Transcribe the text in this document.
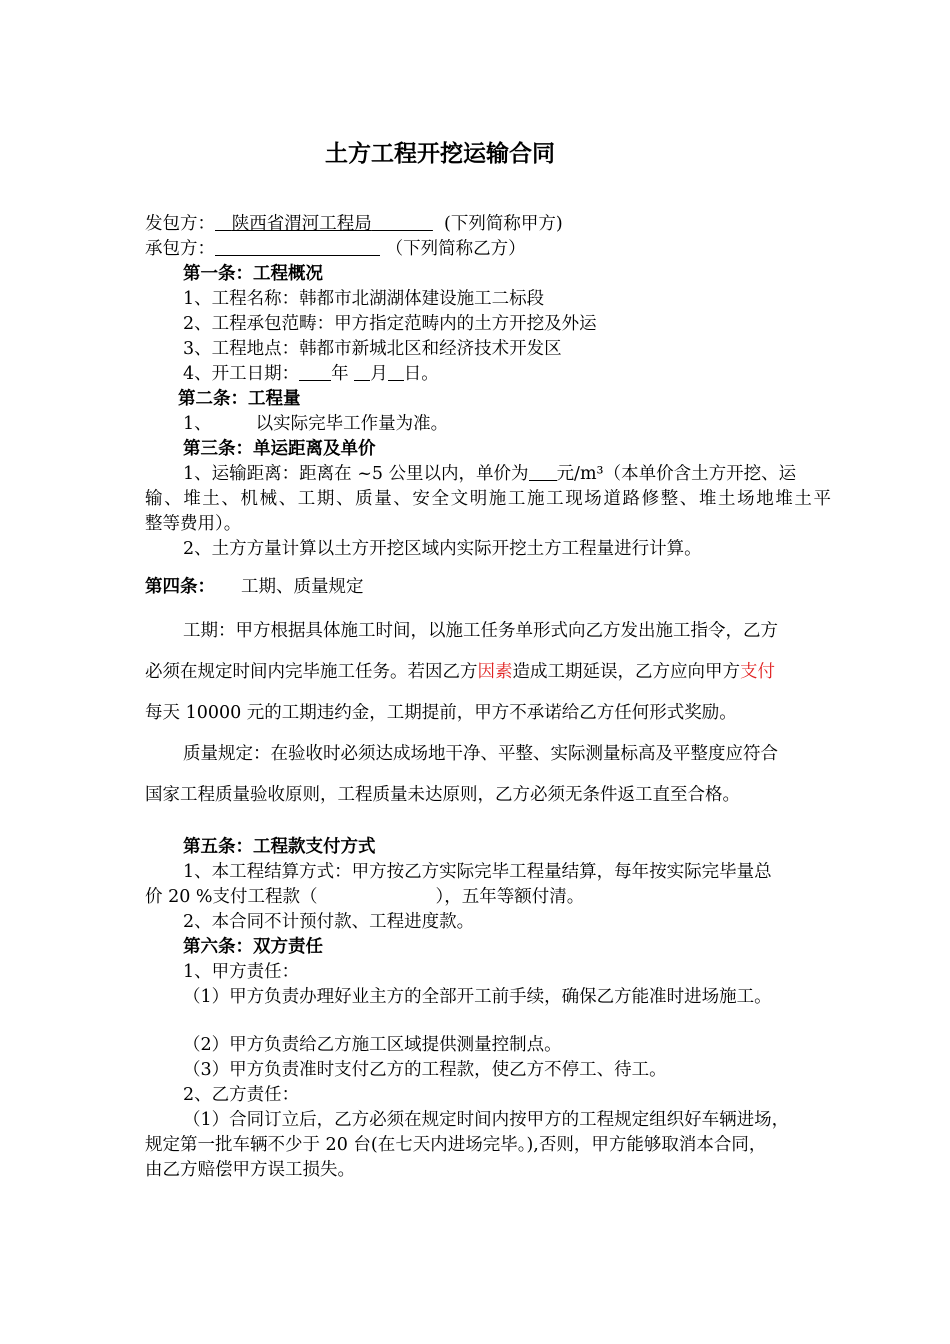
土方工程开挖运输合同
发包方： 陕西省渭河工程局	(下列简称甲方)
承包方：	（下列简称乙方）
第一条：工程概况
1、工程名称：韩都市北湖湖体建设施工二标段
2、工程承包范畴：甲方指定范畴内的土方开挖及外运
3、工程地点：韩都市新城北区和经济技术开发区
4、开工日期： 年 月 日。
第二条：工程量
1、	以实际完毕工作量为准。
第三条：单运距离及单价
1、运输距离：距离在 ~5 公里以内，单价为 元/m³（本单价含土方开挖、运
输、堆土、机械、工期、质量、安全文明施工施工现场道路修整、堆土场地堆土平
整等费用）。
2、土方方量计算以土方开挖区域内实际开挖土方工程量进行计算。
第四条： 工期、质量规定
工期：甲方根据具体施工时间，以施工任务单形式向乙方发出施工指令，乙方
必须在规定时间内完毕施工任务。若因乙方因素造成工期延误，乙方应向甲方支付
每天 10000 元的工期违约金，工期提前，甲方不承诺给乙方任何形式奖励。
质量规定：在验收时必须达成场地干净、平整、实际测量标高及平整度应符合
国家工程质量验收原则，工程质量未达原则，乙方必须无条件返工直至合格。
第五条：工程款支付方式
1、本工程结算方式：甲方按乙方实际完毕工程量结算，每年按实际完毕量总
价 20 %支付工程款（	），五年等额付清。
2、本合同不计预付款、工程进度款。
第六条：双方责任
1、甲方责任：
（1）甲方负责办理好业主方的全部开工前手续，确保乙方能准时进场施工。
（2）甲方负责给乙方施工区域提供测量控制点。
（3）甲方负责准时支付乙方的工程款，使乙方不停工、待工。
2、乙方责任：
（1）合同订立后，乙方必须在规定时间内按甲方的工程规定组织好车辆进场，
规定第一批车辆不少于 20 台(在七天内进场完毕。),否则，甲方能够取消本合同，
由乙方赔偿甲方误工损失。
